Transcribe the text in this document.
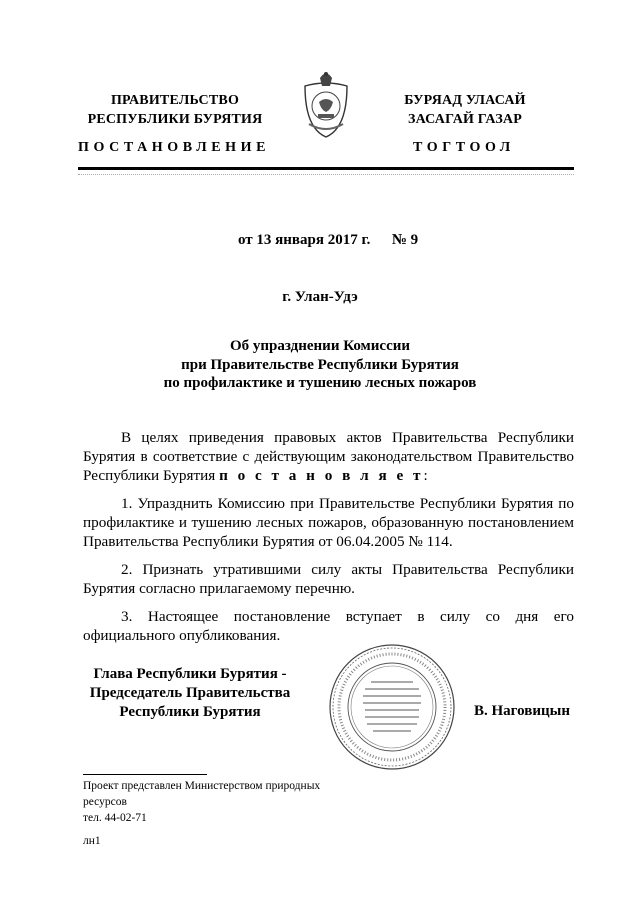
ПРАВИТЕЛЬСТВО
РЕСПУБЛИКИ БУРЯТИЯ
БУРЯАД УЛАСАЙ
ЗАСАГАЙ ГАЗАР
ПОСТАНОВЛЕНИЕ	ТОГТООЛ
от 13 января 2017 г. № 9
г. Улан-Удэ
Об упразднении Комиссии
при Правительстве Республики Бурятия
по профилактике и тушению лесных пожаров

В целях приведения правовых актов Правительства Республики Бурятия в соответствие с действующим законодательством Правительство Республики Бурятия п о с т а н о в л я е т:

1. Упразднить Комиссию при Правительстве Республики Бурятия по профилактике и тушению лесных пожаров, образованную постановлением Правительства Республики Бурятия от 06.04.2005 № 114.

2. Признать утратившими силу акты Правительства Республики Бурятия согласно прилагаемому перечню.

3. Настоящее постановление вступает в силу со дня его официального опубликования.

Глава Республики Бурятия -
Председатель Правительства
Республики Бурятия	В. Наговицын
Проект представлен Министерством природных
ресурсов
тел. 44-02-71
лн1
